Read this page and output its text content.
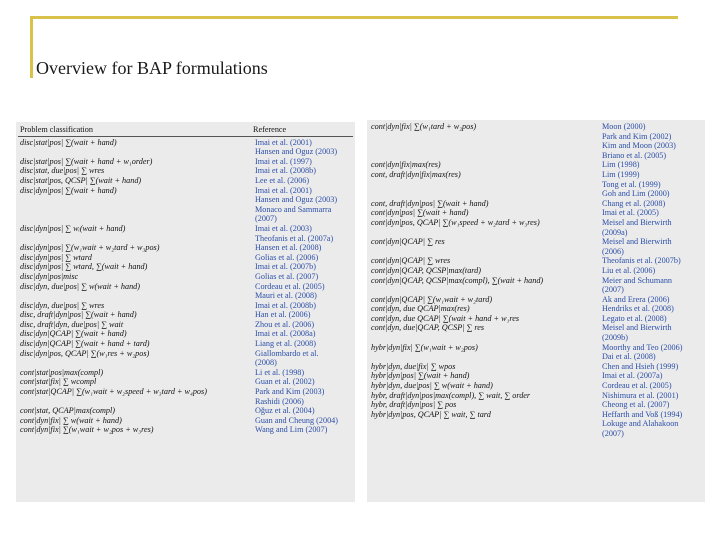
Overview for BAP formulations
Problem classification	Reference
disc|stat|pos| ∑(wait + hand)	Imai et al. (2001)
Hansen and Oguz (2003)
disc|stat|pos| ∑(wait + hand + w₁order)	Imai et al. (1997)
disc|stat, due|pos| ∑ wres	Imai et al. (2008b)
disc|stat|pos, QCSP| ∑(wait + hand)	Lee et al. (2006)
disc|dyn|pos| ∑(wait + hand)	Imai et al. (2001)
Hansen and Oguz (2003)
Monaco and Sammarra
(2007)
disc|dyn|pos| ∑ wᵢ(wait + hand)	Imai et al. (2003)
Theofanis et al. (2007a)
disc|dyn|pos| ∑(w₁wait + w₂tard + w₃pos)	Hansen et al. (2008)
disc|dyn|pos| ∑ wtard	Golias et al. (2006)
disc|dyn|pos| ∑ wtard, ∑(wait + hand)	Imai et al. (2007b)
disc|dyn|pos|misc	Golias et al. (2007)
disc|dyn, due|pos| ∑ w(wait + hand)	Cordeau et al. (2005)
Mauri et al. (2008)
disc|dyn, due|pos| ∑ wres	Imai et al. (2008b)
disc, draft|dyn|pos| ∑(wait + hand)	Han et al. (2006)
disc, draft|dyn, due|pos| ∑ wait	Zhou et al. (2006)
disc|dyn|QCAP| ∑(wait + hand)	Imai et al. (2008a)
disc|dyn|QCAP| ∑(wait + hand + tard)	Liang et al. (2008)
disc|dyn|pos, QCAP| ∑(w₁res + w₂pos)	Giallombardo et al.
(2008)
cont|stat|pos|max(compl)	Li et al. (1998)
cont|stat|fix| ∑ wcompl	Guan et al. (2002)
cont|stat|QCAP| ∑(w₁wait + w₂speed + w₃tard + w₄pos)	Park and Kim (2003)
Rashidi (2006)
cont|stat, QCAP|max(compl)	Oğuz et al. (2004)
cont|dyn|fix| ∑ w(wait + hand)	Guan and Cheung (2004)
cont|dyn|fix| ∑(w₁wait + w₂pos + w₃res)	Wang and Lim (2007)
cont|dyn|fix| ∑(w₁tard + w₂pos)	Moon (2000)
Park and Kim (2002)
Kim and Moon (2003)
Briano et al. (2005)
cont|dyn|fix|max(res)	Lim (1998)
cont, draft|dyn|fix|max(res)	Lim (1999)
Tong et al. (1999)
Goh and Lim (2000)
cont, draft|dyn|pos| ∑(wait + hand)	Chang et al. (2008)
cont|dyn|pos| ∑(wait + hand)	Imai et al. (2005)
cont|dyn|pos, QCAP| ∑(w₁speed + w₂tard + w₃res)	Meisel and Bierwirth
(2009a)
cont|dyn|QCAP| ∑ res	Meisel and Bierwirth
(2006)
cont|dyn|QCAP| ∑ wres	Theofanis et al. (2007b)
cont|dyn|QCAP, QCSP|max(tard)	Liu et al. (2006)
cont|dyn|QCAP, QCSP|max(compl), ∑(wait + hand)	Meier and Schumann
(2007)
cont|dyn|QCAP| ∑(w₁wait + w₂tard)	Ak and Erera (2006)
cont|dyn, due QCAP|max(res)	Hendriks et al. (2008)
cont|dyn, due QCAP| ∑(wait + hand + w₁res	Legato et al. (2008)
cont|dyn, due|QCAP, QCSP| ∑ res	Meisel and Bierwirth
(2009b)
hybr|dyn|fix| ∑(w₁wait + w₂pos)	Moorthy and Teo (2006)
Dai et al. (2008)
hybr|dyn, due|fix| ∑ wpos	Chen and Hsieh (1999)
hybr|dyn|pos| ∑(wait + hand)	Imai et al. (2007a)
hybr|dyn, due|pos| ∑ w(wait + hand)	Cordeau et al. (2005)
hybr, draft|dyn|pos|max(compl), ∑ wait, ∑ order	Nishimura et al. (2001)
hybr, draft|dyn|pos| ∑ pos	Cheong et al. (2007)
hybr|dyn|pos, QCAP| ∑ wait, ∑ tard	Heffarth and Voß (1994)
Lokuge and Alahakoon
(2007)
